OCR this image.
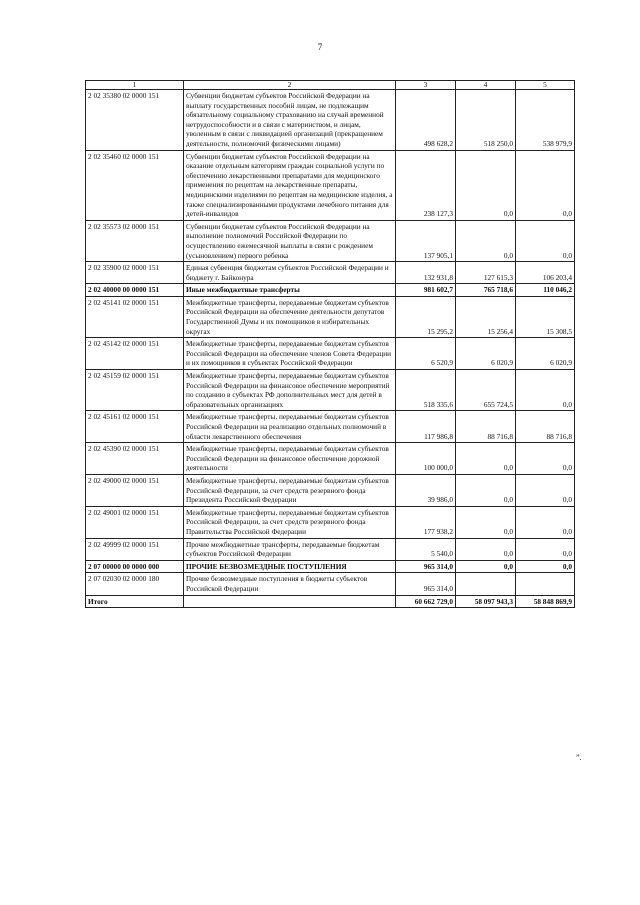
7
1	2	3	4	5
2 02 35380 02 0000 151	Субвенции бюджетам субъектов Российской Федерации на выплату государственных пособий лицам, не подлежащим обязательному социальному страхованию на случай временной нетрудоспособности и в связи с материнством, и лицам, уволенным в связи с ликвидацией организаций (прекращением деятельности, полномочий физическими лицами)	498 628,2	518 250,0	538 979,9
2 02 35460 02 0000 151	Субвенции бюджетам субъектов Российской Федерации на оказание отдельным категориям граждан социальной услуги по обеспечению лекарственными препаратами для медицинского применения по рецептам на лекарственные препараты, медицинскими изделиями по рецептам на медицинские изделия, а также специализированными продуктами лечебного питания для детей-инвалидов	238 127,3	0,0	0,0
2 02 35573 02 0000 151	Субвенции бюджетам субъектов Российской Федерации на выполнение полномочий Российской Федерации по осуществлению ежемесячной выплаты в связи с рождением (усыновлением) первого ребенка	137 905,1	0,0	0,0
2 02 35900 02 0000 151	Единая субвенция бюджетам субъектов Российской Федерации и бюджету г. Байконура	132 931,8	127 615,3	106 203,4
2 02 40000 00 0000 151	Иные межбюджетные трансферты	981 602,7	765 718,6	110 046,2
2 02 45141 02 0000 151	Межбюджетные трансферты, передаваемые бюджетам субъектов Российской Федерации на обеспечение деятельности депутатов Государственной Думы и их помощников в избирательных округах	15 295,2	15 256,4	15 308,5
2 02 45142 02 0000 151	Межбюджетные трансферты, передаваемые бюджетам субъектов Российской Федерации на обеспечение членов Совета Федерации и их помощников в субъектах Российской Федерации	6 520,9	6 020,9	6 020,9
2 02 45159 02 0000 151	Межбюджетные трансферты, передаваемые бюджетам субъектов Российской Федерации на финансовое обеспечение мероприятий по созданию в субъектах РФ дополнительных мест для детей в образовательных организациях	518 335,6	655 724,5	0,0
2 02 45161 02 0000 151	Межбюджетные трансферты, передаваемые бюджетам субъектов Российской Федерации на реализацию отдельных полномочий в области лекарственного обеспечения	117 986,8	88 716,8	88 716,8
2 02 45390 02 0000 151	Межбюджетные трансферты, передаваемые бюджетам субъектов Российской Федерации на финансовое обеспечение дорожной деятельности	100 000,0	0,0	0,0
2 02 49000 02 0000 151	Межбюджетные трансферты, передаваемые бюджетам субъектов Российской Федерации, за счет средств резервного фонда Президента Российской Федерации	39 986,0	0,0	0,0
2 02 49001 02 0000 151	Межбюджетные трансферты, передаваемые бюджетам субъектов Российской Федерации, за счет средств резервного фонда Правительства Российской Федерации	177 938,2	0,0	0,0
2 02 49999 02 0000 151	Прочие межбюджетные трансферты, передаваемые бюджетам субъектов Российской Федерации	5 540,0	0,0	0,0
2 07 00000 00 0000 000	ПРОЧИЕ БЕЗВОЗМЕЗДНЫЕ ПОСТУПЛЕНИЯ	965 314,0	0,0	0,0
2 07 02030 02 0000 180	Прочие безвозмездные поступления в бюджеты субъектов Российской Федерации	965 314,0		
Итого		60 662 729,0	58 097 943,3	58 848 869,9
”.
